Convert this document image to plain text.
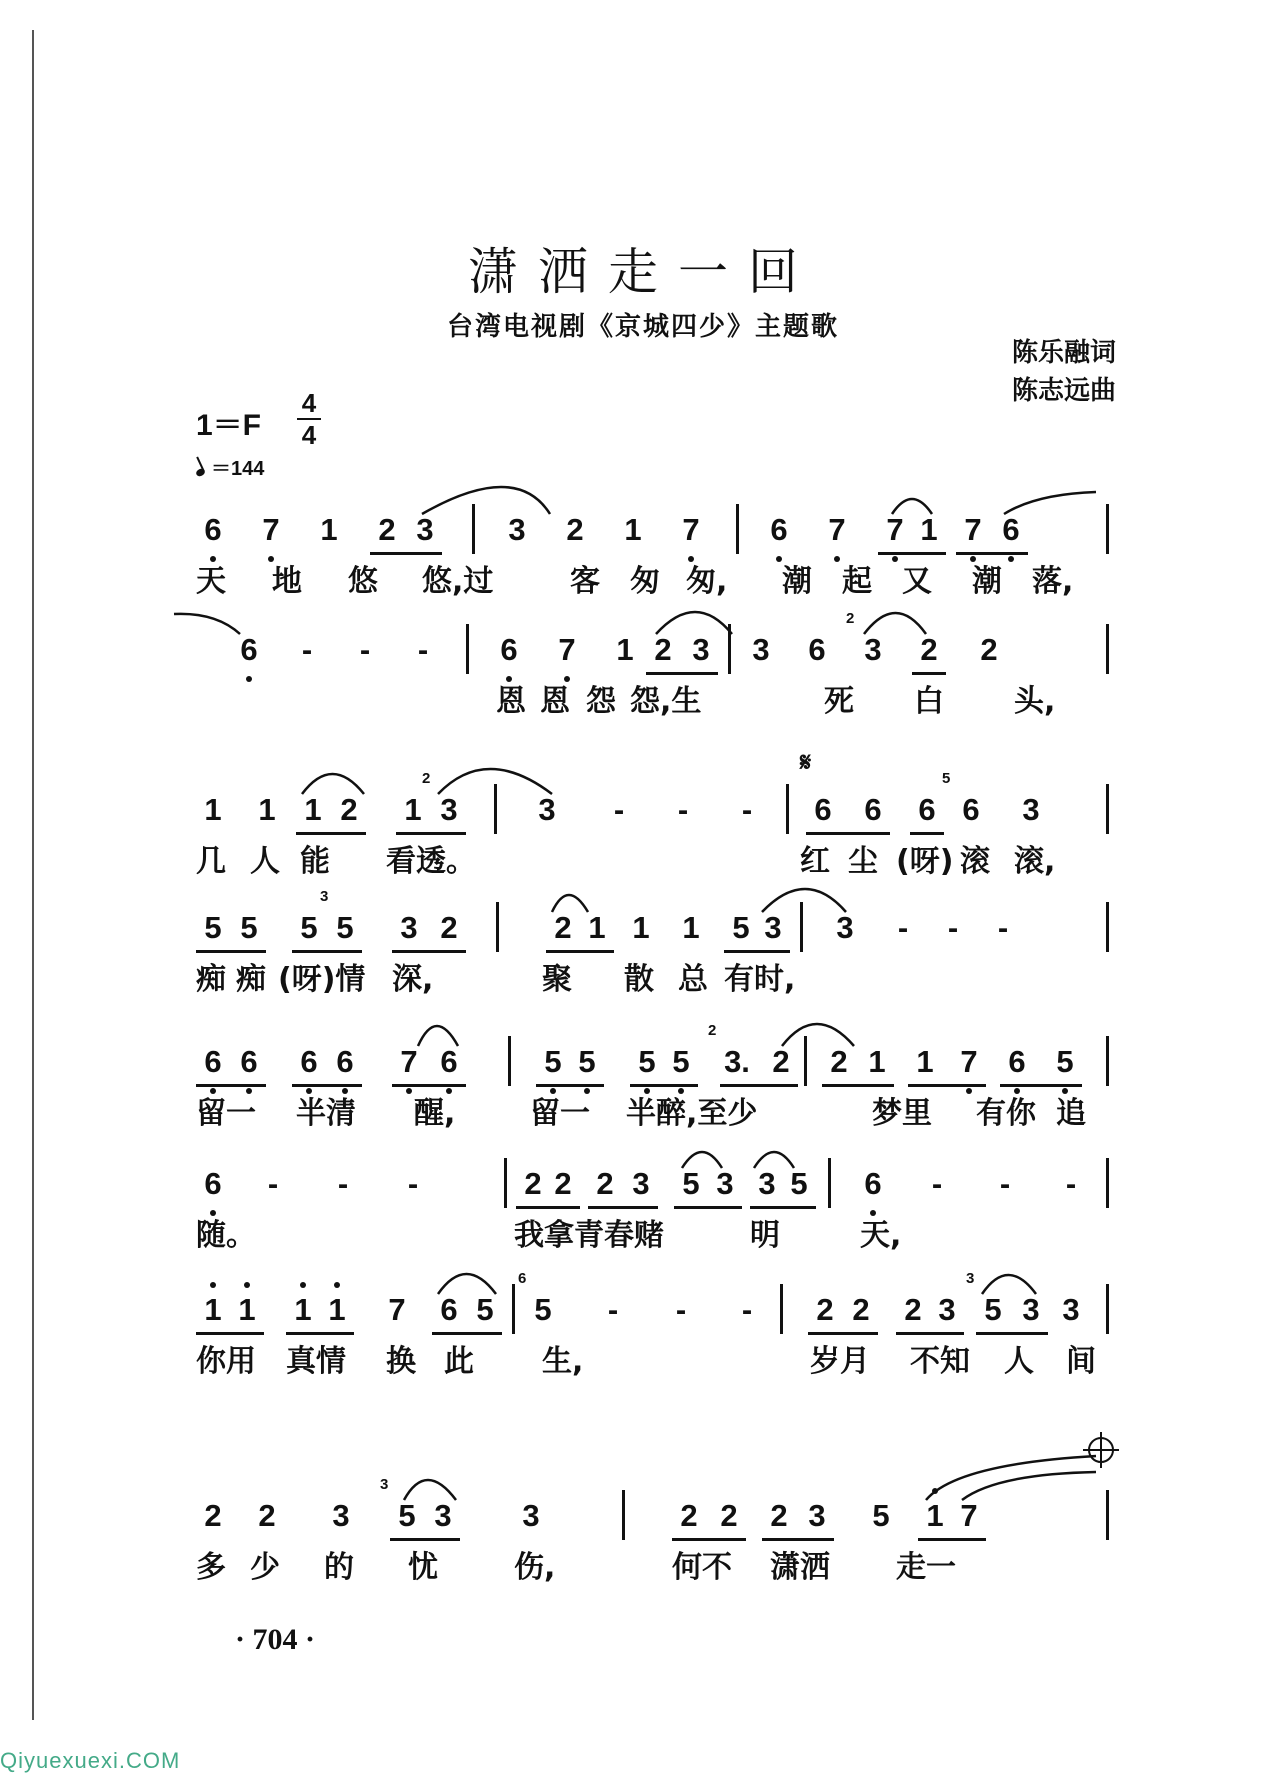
潇洒走一回
台湾电视剧《京城四少》主题歌
陈乐融词
陈志远曲
1＝F
4
4
＝144
𝄋
6 7 1 2 3 3 2 1 7 6 7 7 1 7 6
天 地 悠 悠,过	客 匆 匆, 潮 起 又 潮 落,
6	-	-	-	6 7 1 2 3 3 6
2
3 2 2
恩 恩 怨 怨,生	死 白 头,
1 1 1 2 1
2
3	3	-	-	-	6 6 6
5
6 3
几 人 能 看透。	红 尘 (呀) 滚 滚,
5 5 5
3
5 3 2	2 1 1 1 5 3 3	-	-	-
痴 痴 (呀)情 深,	聚 散 总 有时,
6 6 6 6 7 6	5 5 5 5
2
3. 2 2 1 1 7 6 5
留一 半清 醒, 留一 半醉,至少	梦里 有你 追
6	-	-	-	2 2 2 3 5 3 3 5 6	-	-	-
随。	我拿青春赌	明	天,
1 1 1 1 7 6 5
6
5	-	-	-	2 2 2 3
3
5 3 3
你用 真情 换 此 生,	岁月 不知 人 间
2 2 3
3
5 3 3	2 2 2 3 5 1 7
多 少 的 忧	伤,	何不 潇洒 走一
· 704 ·
Qiyuexuexi.COM
